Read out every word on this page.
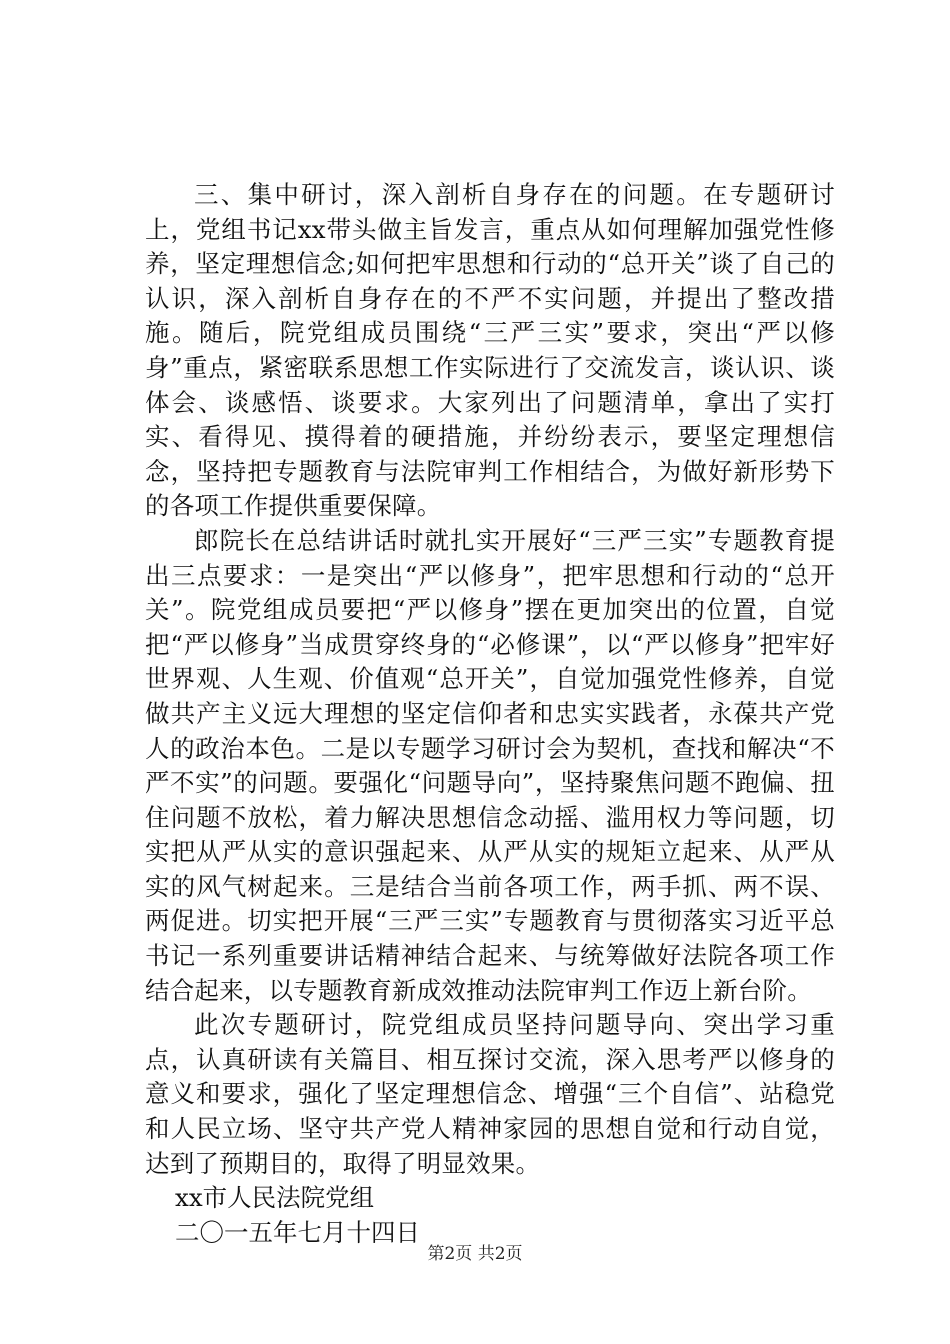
三、集中研讨，深入剖析自身存在的问题。在专题研讨上，党组书记xx带头做主旨发言，重点从如何理解加强党性修养，坚定理想信念;如何把牢思想和行动的“总开关”谈了自己的认识，深入剖析自身存在的不严不实问题，并提出了整改措施。随后，院党组成员围绕“三严三实”要求，突出“严以修身”重点，紧密联系思想工作实际进行了交流发言，谈认识、谈体会、谈感悟、谈要求。大家列出了问题清单，拿出了实打实、看得见、摸得着的硬措施，并纷纷表示，要坚定理想信念，坚持把专题教育与法院审判工作相结合，为做好新形势下的各项工作提供重要保障。

郎院长在总结讲话时就扎实开展好“三严三实”专题教育提出三点要求：一是突出“严以修身”，把牢思想和行动的“总开关”。院党组成员要把“严以修身”摆在更加突出的位置，自觉把“严以修身”当成贯穿终身的“必修课”，以“严以修身”把牢好世界观、人生观、价值观“总开关”，自觉加强党性修养，自觉做共产主义远大理想的坚定信仰者和忠实实践者，永葆共产党人的政治本色。二是以专题学习研讨会为契机，查找和解决“不严不实”的问题。要强化“问题导向”，坚持聚焦问题不跑偏、扭住问题不放松，着力解决思想信念动摇、滥用权力等问题，切实把从严从实的意识强起来、从严从实的规矩立起来、从严从实的风气树起来。三是结合当前各项工作，两手抓、两不误、两促进。切实把开展“三严三实”专题教育与贯彻落实习近平总书记一系列重要讲话精神结合起来、与统筹做好法院各项工作结合起来，以专题教育新成效推动法院审判工作迈上新台阶。

此次专题研讨，院党组成员坚持问题导向、突出学习重点，认真研读有关篇目、相互探讨交流，深入思考严以修身的意义和要求，强化了坚定理想信念、增强“三个自信”、站稳党和人民立场、坚守共产党人精神家园的思想自觉和行动自觉，达到了预期目的，取得了明显效果。

xx市人民法院党组

二〇一五年七月十四日

第2页 共2页
